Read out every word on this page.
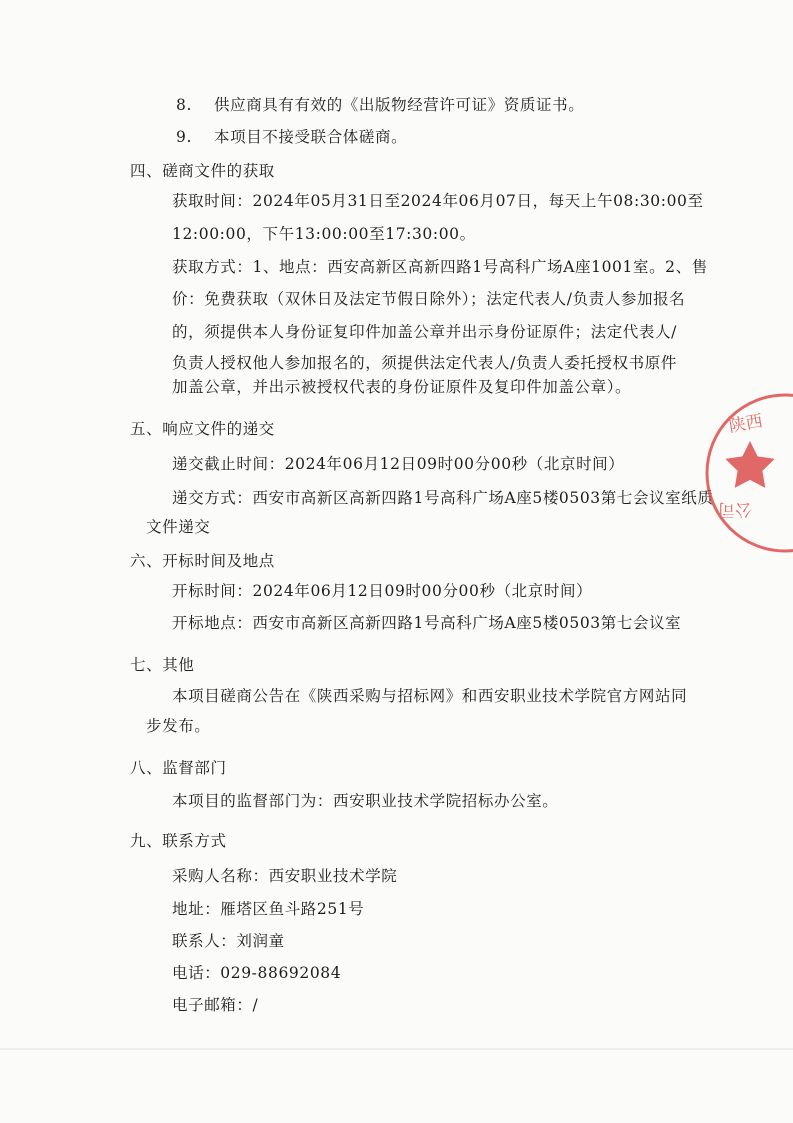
8. 供应商具有有效的《出版物经营许可证》资质证书。
9. 本项目不接受联合体磋商。
四、磋商文件的获取
获取时间：2024年05月31日至2024年06月07日，每天上午08:30:00至
12:00:00，下午13:00:00至17:30:00。
获取方式：1、地点：西安高新区高新四路1号高科广场A座1001室。2、售
价：免费获取（双休日及法定节假日除外）；法定代表人/负责人参加报名
的，须提供本人身份证复印件加盖公章并出示身份证原件；法定代表人/
负责人授权他人参加报名的，须提供法定代表人/负责人委托授权书原件
加盖公章，并出示被授权代表的身份证原件及复印件加盖公章）。
五、响应文件的递交
递交截止时间：2024年06月12日09时00分00秒（北京时间）
递交方式：西安市高新区高新四路1号高科广场A座5楼0503第七会议室纸质
文件递交
六、开标时间及地点
开标时间：2024年06月12日09时00分00秒（北京时间）
开标地点：西安市高新区高新四路1号高科广场A座5楼0503第七会议室
七、其他
本项目磋商公告在《陕西采购与招标网》和西安职业技术学院官方网站同
步发布。
八、监督部门
本项目的监督部门为：西安职业技术学院招标办公室。
九、联系方式
采购人名称：西安职业技术学院
地址：雁塔区鱼斗路251号
联系人：刘润童
电话：029-88692084
电子邮箱：/
陕西
公司
02
